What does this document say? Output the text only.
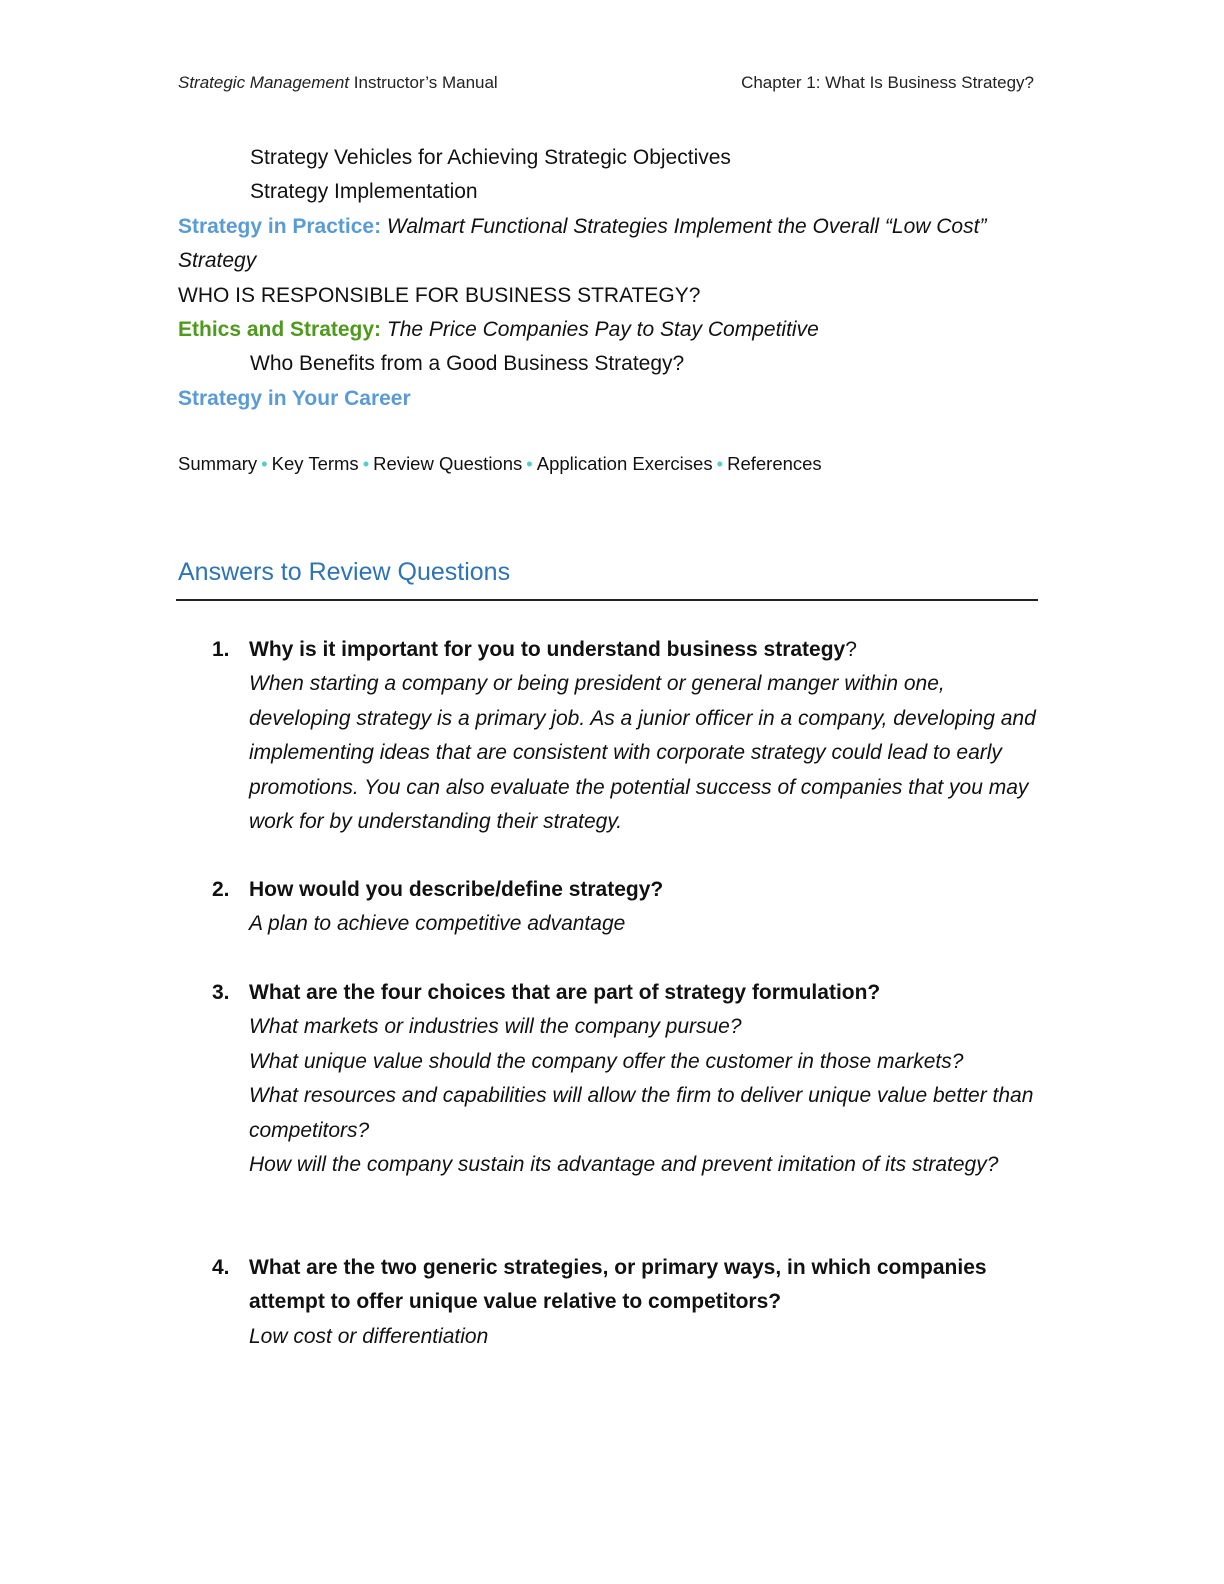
Strategic Management Instructor’s Manual	Chapter 1: What Is Business Strategy?
Strategy Vehicles for Achieving Strategic Objectives
Strategy Implementation
Strategy in Practice: Walmart Functional Strategies Implement the Overall “Low Cost” Strategy
WHO IS RESPONSIBLE FOR BUSINESS STRATEGY?
Ethics and Strategy: The Price Companies Pay to Stay Competitive
Who Benefits from a Good Business Strategy?
Strategy in Your Career
Summary • Key Terms • Review Questions • Application Exercises • References
Answers to Review Questions
1. Why is it important for you to understand business strategy?
When starting a company or being president or general manger within one, developing strategy is a primary job. As a junior officer in a company, developing and implementing ideas that are consistent with corporate strategy could lead to early promotions. You can also evaluate the potential success of companies that you may work for by understanding their strategy.
2. How would you describe/define strategy?
A plan to achieve competitive advantage
3. What are the four choices that are part of strategy formulation?
What markets or industries will the company pursue?
What unique value should the company offer the customer in those markets?
What resources and capabilities will allow the firm to deliver unique value better than competitors?
How will the company sustain its advantage and prevent imitation of its strategy?
4. What are the two generic strategies, or primary ways, in which companies attempt to offer unique value relative to competitors?
Low cost or differentiation
